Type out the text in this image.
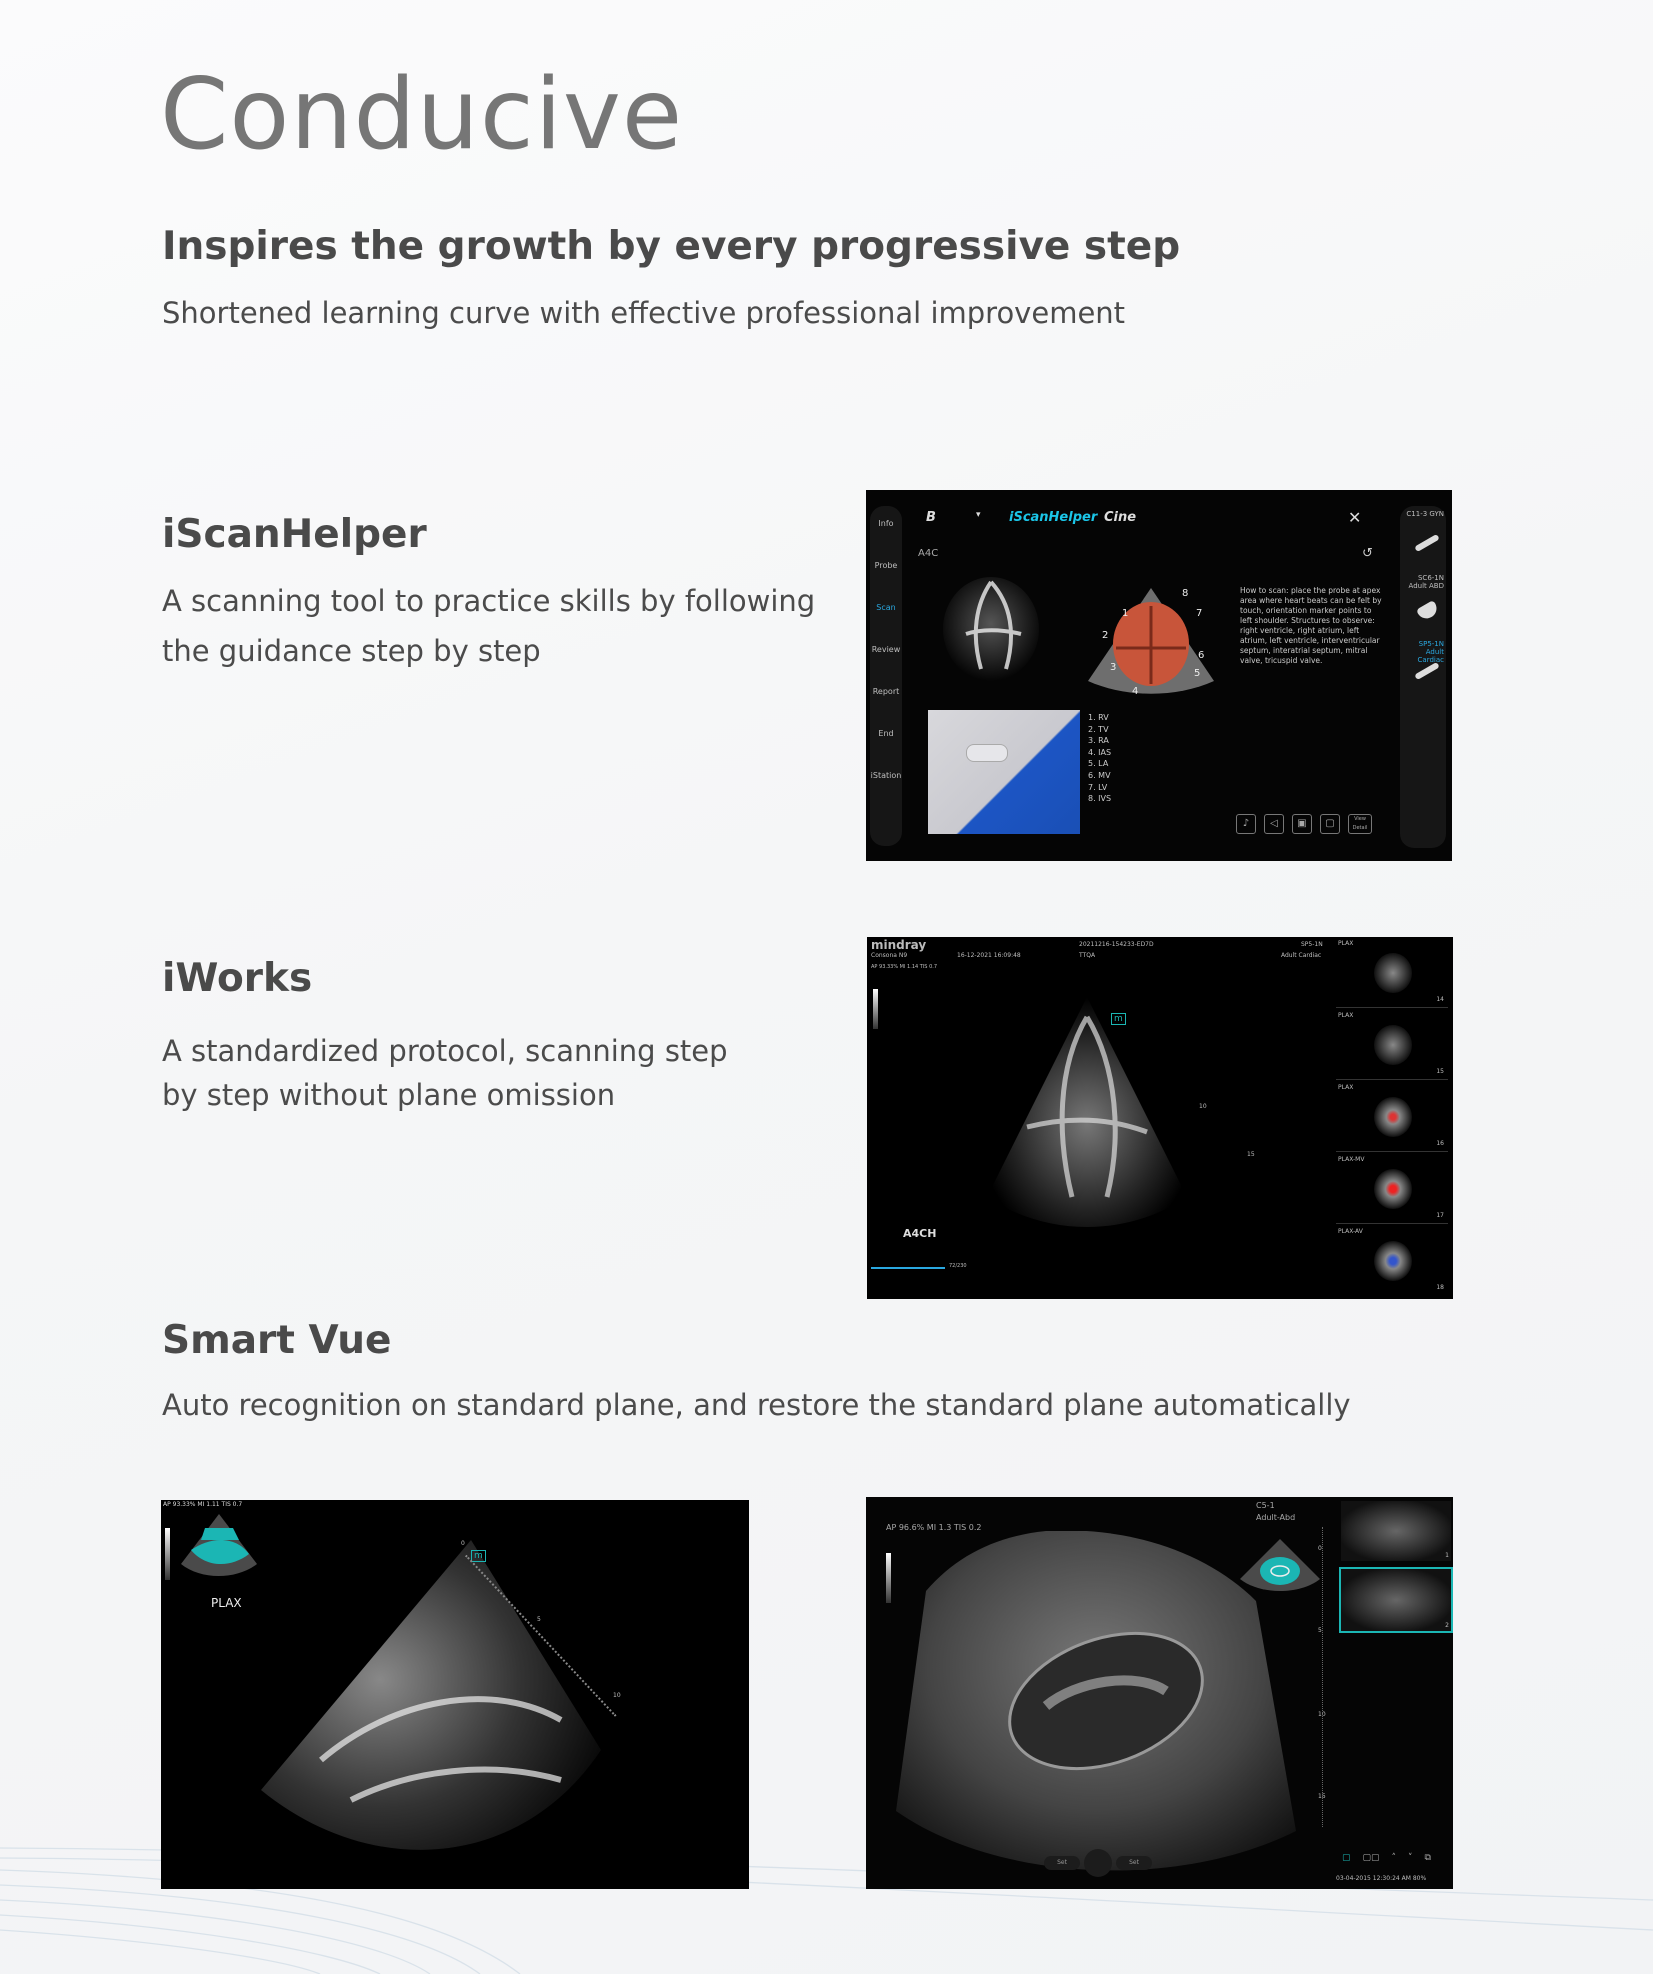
Conducive
Inspires the growth by every progressive step

Shortened learning curve with effective professional improvement

iScanHelper

A scanning tool to practice skills by following

the guidance step by step

Info
Probe
Scan
Review
Report
End
iStation
B	▾ iScanHelper Cine	✕
↺
A4C
1
2
3
4
5
6
7
8	How to scan: place the probe at apex area where heart beats can be felt by touch, orientation marker points to left shoulder. Structures to observe: right ventricle, right atrium, left atrium, left ventricle, interventricular septum, interatrial septum, mitral valve, tricuspid valve.
1. RV
2. TV
3. RA
4. IAS
5. LA
6. MV
7. LV
8. IVS
♪	◁	▣	▢	View Detail
C11-3 GYN
SC6-1N Adult ABD
SP5-1N Adult Cardiac
iWorks

A standardized protocol, scanning step

by step without plane omission

mindray
Consona N9	16-12-2021 16:09:48
20211216-154233-ED7D
TTQA
SP5-1N
Adult Cardiac
AP 93.33% MI 1.14 TIS 0.7
m
10
15
A4CH
72/230
PLAX
14
PLAX
15
PLAX
16
PLAX-MV
17
PLAX-AV
18
Smart Vue

Auto recognition on standard plane, and restore the standard plane automatically

AP 93.33% MI 1.11 TIS 0.7
PLAX
m
0
5
10
AP 96.6% MI 1.3 TIS 0.2
C5-1
Adult-Abd
0
5
10
15
1
2
Set	Set	▢ ▢▢ ˄ ˅ ⧉
03-04-2015 12:30:24 AM 80%
